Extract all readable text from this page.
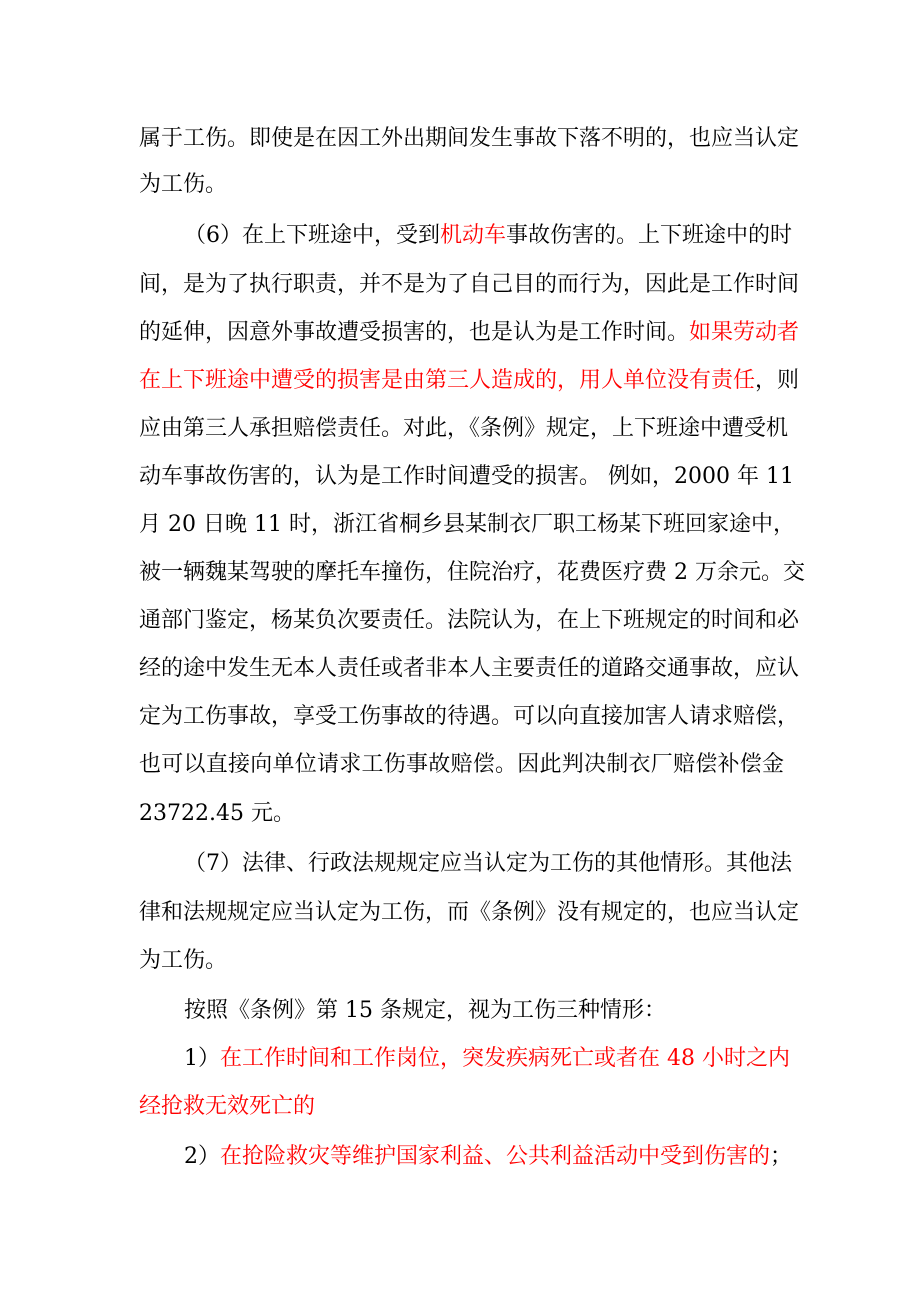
属于工伤。即使是在因工外出期间发生事故下落不明的，也应当认定
为工伤。
（6）在上下班途中，受到机动车事故伤害的。上下班途中的时
间，是为了执行职责，并不是为了自己目的而行为，因此是工作时间
的延伸，因意外事故遭受损害的，也是认为是工作时间。如果劳动者
在上下班途中遭受的损害是由第三人造成的，用人单位没有责任，则
应由第三人承担赔偿责任。对此，《条例》规定，上下班途中遭受机
动车事故伤害的，认为是工作时间遭受的损害。 例如，2000 年 11
月 20 日晚 11 时，浙江省桐乡县某制衣厂职工杨某下班回家途中，
被一辆魏某驾驶的摩托车撞伤，住院治疗，花费医疗费 2 万余元。交
通部门鉴定，杨某负次要责任。法院认为，在上下班规定的时间和必
经的途中发生无本人责任或者非本人主要责任的道路交通事故，应认
定为工伤事故，享受工伤事故的待遇。可以向直接加害人请求赔偿，
也可以直接向单位请求工伤事故赔偿。因此判决制衣厂赔偿补偿金
23722.45 元。
（7）法律、行政法规规定应当认定为工伤的其他情形。其他法
律和法规规定应当认定为工伤，而《条例》没有规定的，也应当认定
为工伤。
按照《条例》第 15 条规定，视为工伤三种情形：
1）在工作时间和工作岗位，突发疾病死亡或者在 48 小时之内
经抢救无效死亡的
2）在抢险救灾等维护国家利益、公共利益活动中受到伤害的；
